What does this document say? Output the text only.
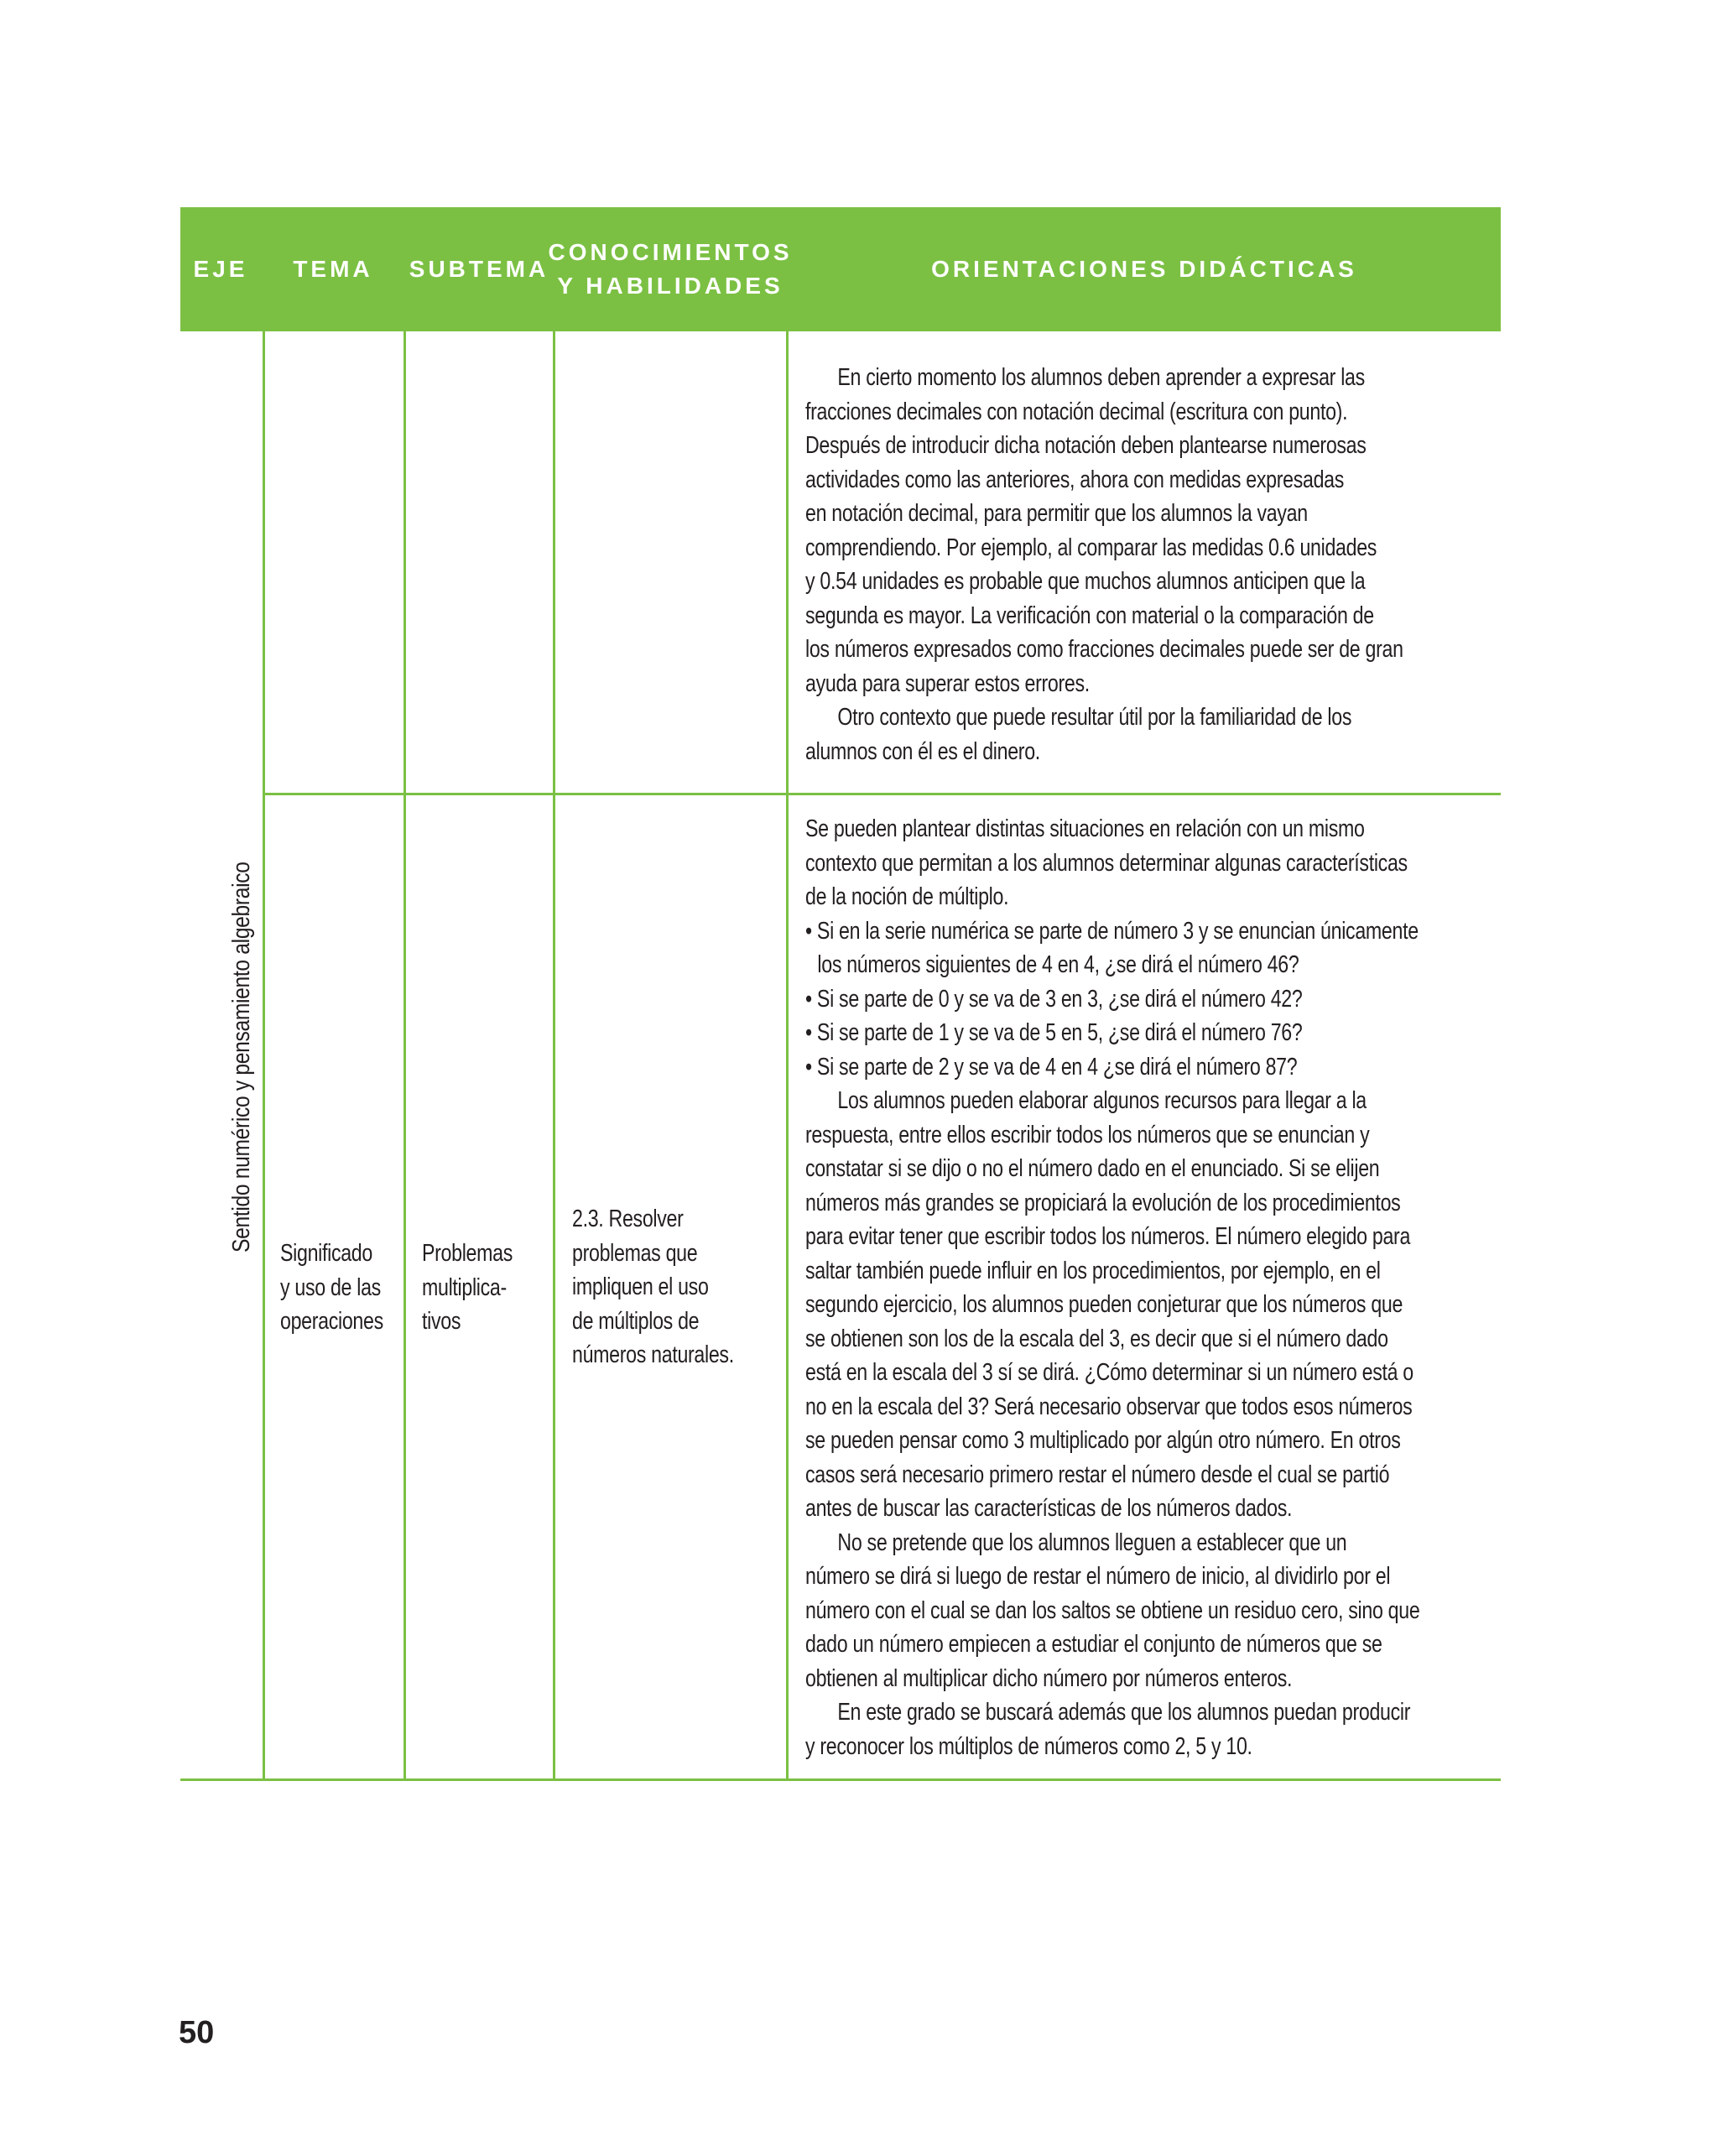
EJE	TEMA	SUBTEMA
CONOCIMIENTOS
Y HABILIDADES
ORIENTACIONES DIDÁCTICAS
Sentido numérico y pensamiento algebraico

En cierto momento los alumnos deben aprender a expresar las

fracciones decimales con notación decimal (escritura con punto).

Después de introducir dicha notación deben plantearse numerosas

actividades como las anteriores, ahora con medidas expresadas

en notación decimal, para permitir que los alumnos la vayan

comprendiendo. Por ejemplo, al comparar las medidas 0.6 unidades

y 0.54 unidades es probable que muchos alumnos anticipen que la

segunda es mayor. La verificación con material o la comparación de

los números expresados como fracciones decimales puede ser de gran

ayuda para superar estos errores.

Otro contexto que puede resultar útil por la familiaridad de los

alumnos con él es el dinero.

Significado

y uso de las

operaciones

Problemas

multiplica-

tivos

2.3. Resolver

problemas que

impliquen el uso

de múltiplos de

números naturales.

Se pueden plantear distintas situaciones en relación con un mismo

contexto que permitan a los alumnos determinar algunas características

de la noción de múltiplo.

• Si en la serie numérica se parte de número 3 y se enuncian únicamente

los números siguientes de 4 en 4, ¿se dirá el número 46?

• Si se parte de 0 y se va de 3 en 3, ¿se dirá el número 42?

• Si se parte de 1 y se va de 5 en 5, ¿se dirá el número 76?

• Si se parte de 2 y se va de 4 en 4 ¿se dirá el número 87?

Los alumnos pueden elaborar algunos recursos para llegar a la

respuesta, entre ellos escribir todos los números que se enuncian y

constatar si se dijo o no el número dado en el enunciado. Si se elijen

números más grandes se propiciará la evolución de los procedimientos

para evitar tener que escribir todos los números. El número elegido para

saltar también puede influir en los procedimientos, por ejemplo, en el

segundo ejercicio, los alumnos pueden conjeturar que los números que

se obtienen son los de la escala del 3, es decir que si el número dado

está en la escala del 3 sí se dirá. ¿Cómo determinar si un número está o

no en la escala del 3? Será necesario observar que todos esos números

se pueden pensar como 3 multiplicado por algún otro número. En otros

casos será necesario primero restar el número desde el cual se partió

antes de buscar las características de los números dados.

No se pretende que los alumnos lleguen a establecer que un

número se dirá si luego de restar el número de inicio, al dividirlo por el

número con el cual se dan los saltos se obtiene un residuo cero, sino que

dado un número empiecen a estudiar el conjunto de números que se

obtienen al multiplicar dicho número por números enteros.

En este grado se buscará además que los alumnos puedan producir

y reconocer los múltiplos de números como 2, 5 y 10.

50
